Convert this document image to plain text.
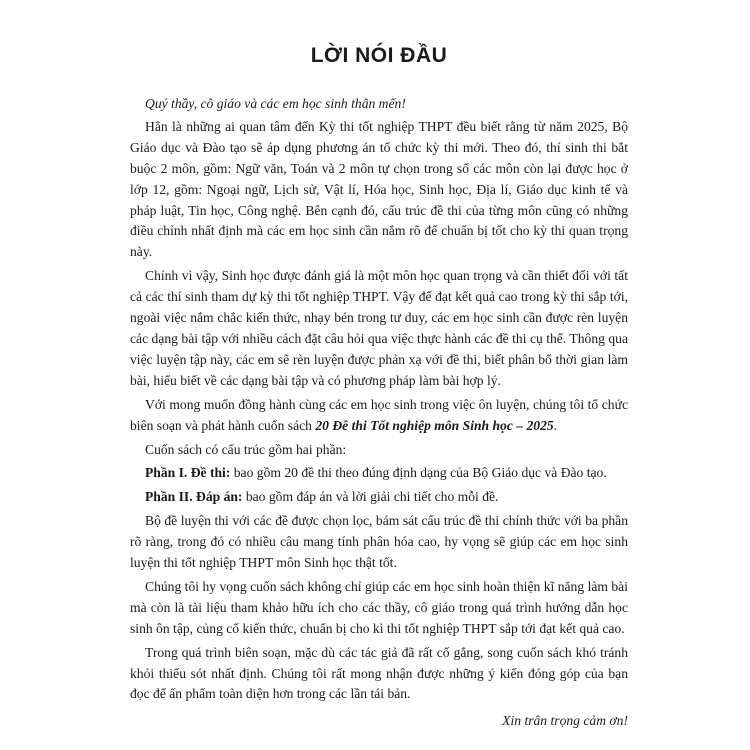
LỜI NÓI ĐẦU

Quý thầy, cô giáo và các em học sinh thân mến!

Hẳn là những ai quan tâm đến Kỳ thi tốt nghiệp THPT đều biết rằng từ năm 2025, Bộ Giáo dục và Đào tạo sẽ áp dụng phương án tổ chức kỳ thi mới. Theo đó, thí sinh thi bắt buộc 2 môn, gồm: Ngữ văn, Toán và 2 môn tự chọn trong số các môn còn lại được học ở lớp 12, gồm: Ngoại ngữ, Lịch sử, Vật lí, Hóa học, Sinh học, Địa lí, Giáo dục kinh tế và pháp luật, Tin học, Công nghệ. Bên cạnh đó, cấu trúc đề thi của từng môn cũng có những điều chỉnh nhất định mà các em học sinh cần nắm rõ để chuẩn bị tốt cho kỳ thi quan trọng này.

Chính vì vậy, Sinh học được đánh giá là một môn học quan trọng và cần thiết đối với tất cả các thí sinh tham dự kỳ thi tốt nghiệp THPT. Vậy để đạt kết quả cao trong kỳ thi sắp tới, ngoài việc nắm chắc kiến thức, nhạy bén trong tư duy, các em học sinh cần được rèn luyện các dạng bài tập với nhiều cách đặt câu hỏi qua việc thực hành các đề thi cụ thể. Thông qua việc luyện tập này, các em sẽ rèn luyện được phản xạ với đề thi, biết phân bổ thời gian làm bài, hiểu biết về các dạng bài tập và có phương pháp làm bài hợp lý.

Với mong muốn đồng hành cùng các em học sinh trong việc ôn luyện, chúng tôi tổ chức biên soạn và phát hành cuốn sách 20 Đề thi Tốt nghiệp môn Sinh học – 2025.

Cuốn sách có cấu trúc gồm hai phần:

Phần I. Đề thi: bao gồm 20 đề thi theo đúng định dạng của Bộ Giáo dục và Đào tạo.

Phần II. Đáp án: bao gồm đáp án và lời giải chi tiết cho mỗi đề.

Bộ đề luyện thi với các đề được chọn lọc, bám sát cấu trúc đề thi chính thức với ba phần rõ ràng, trong đó có nhiều câu mang tính phân hóa cao, hy vọng sẽ giúp các em học sinh luyện thi tốt nghiệp THPT môn Sinh học thật tốt.

Chúng tôi hy vọng cuốn sách không chỉ giúp các em học sinh hoàn thiện kĩ năng làm bài mà còn là tài liệu tham khảo hữu ích cho các thầy, cô giáo trong quá trình hướng dẫn học sinh ôn tập, củng cố kiến thức, chuẩn bị cho kì thi tốt nghiệp THPT sắp tới đạt kết quả cao.

Trong quá trình biên soạn, mặc dù các tác giả đã rất cố gắng, song cuốn sách khó tránh khỏi thiếu sót nhất định. Chúng tôi rất mong nhận được những ý kiến đóng góp của bạn đọc để ấn phẩm toàn diện hơn trong các lần tái bản.

Xin trân trọng cảm ơn!
